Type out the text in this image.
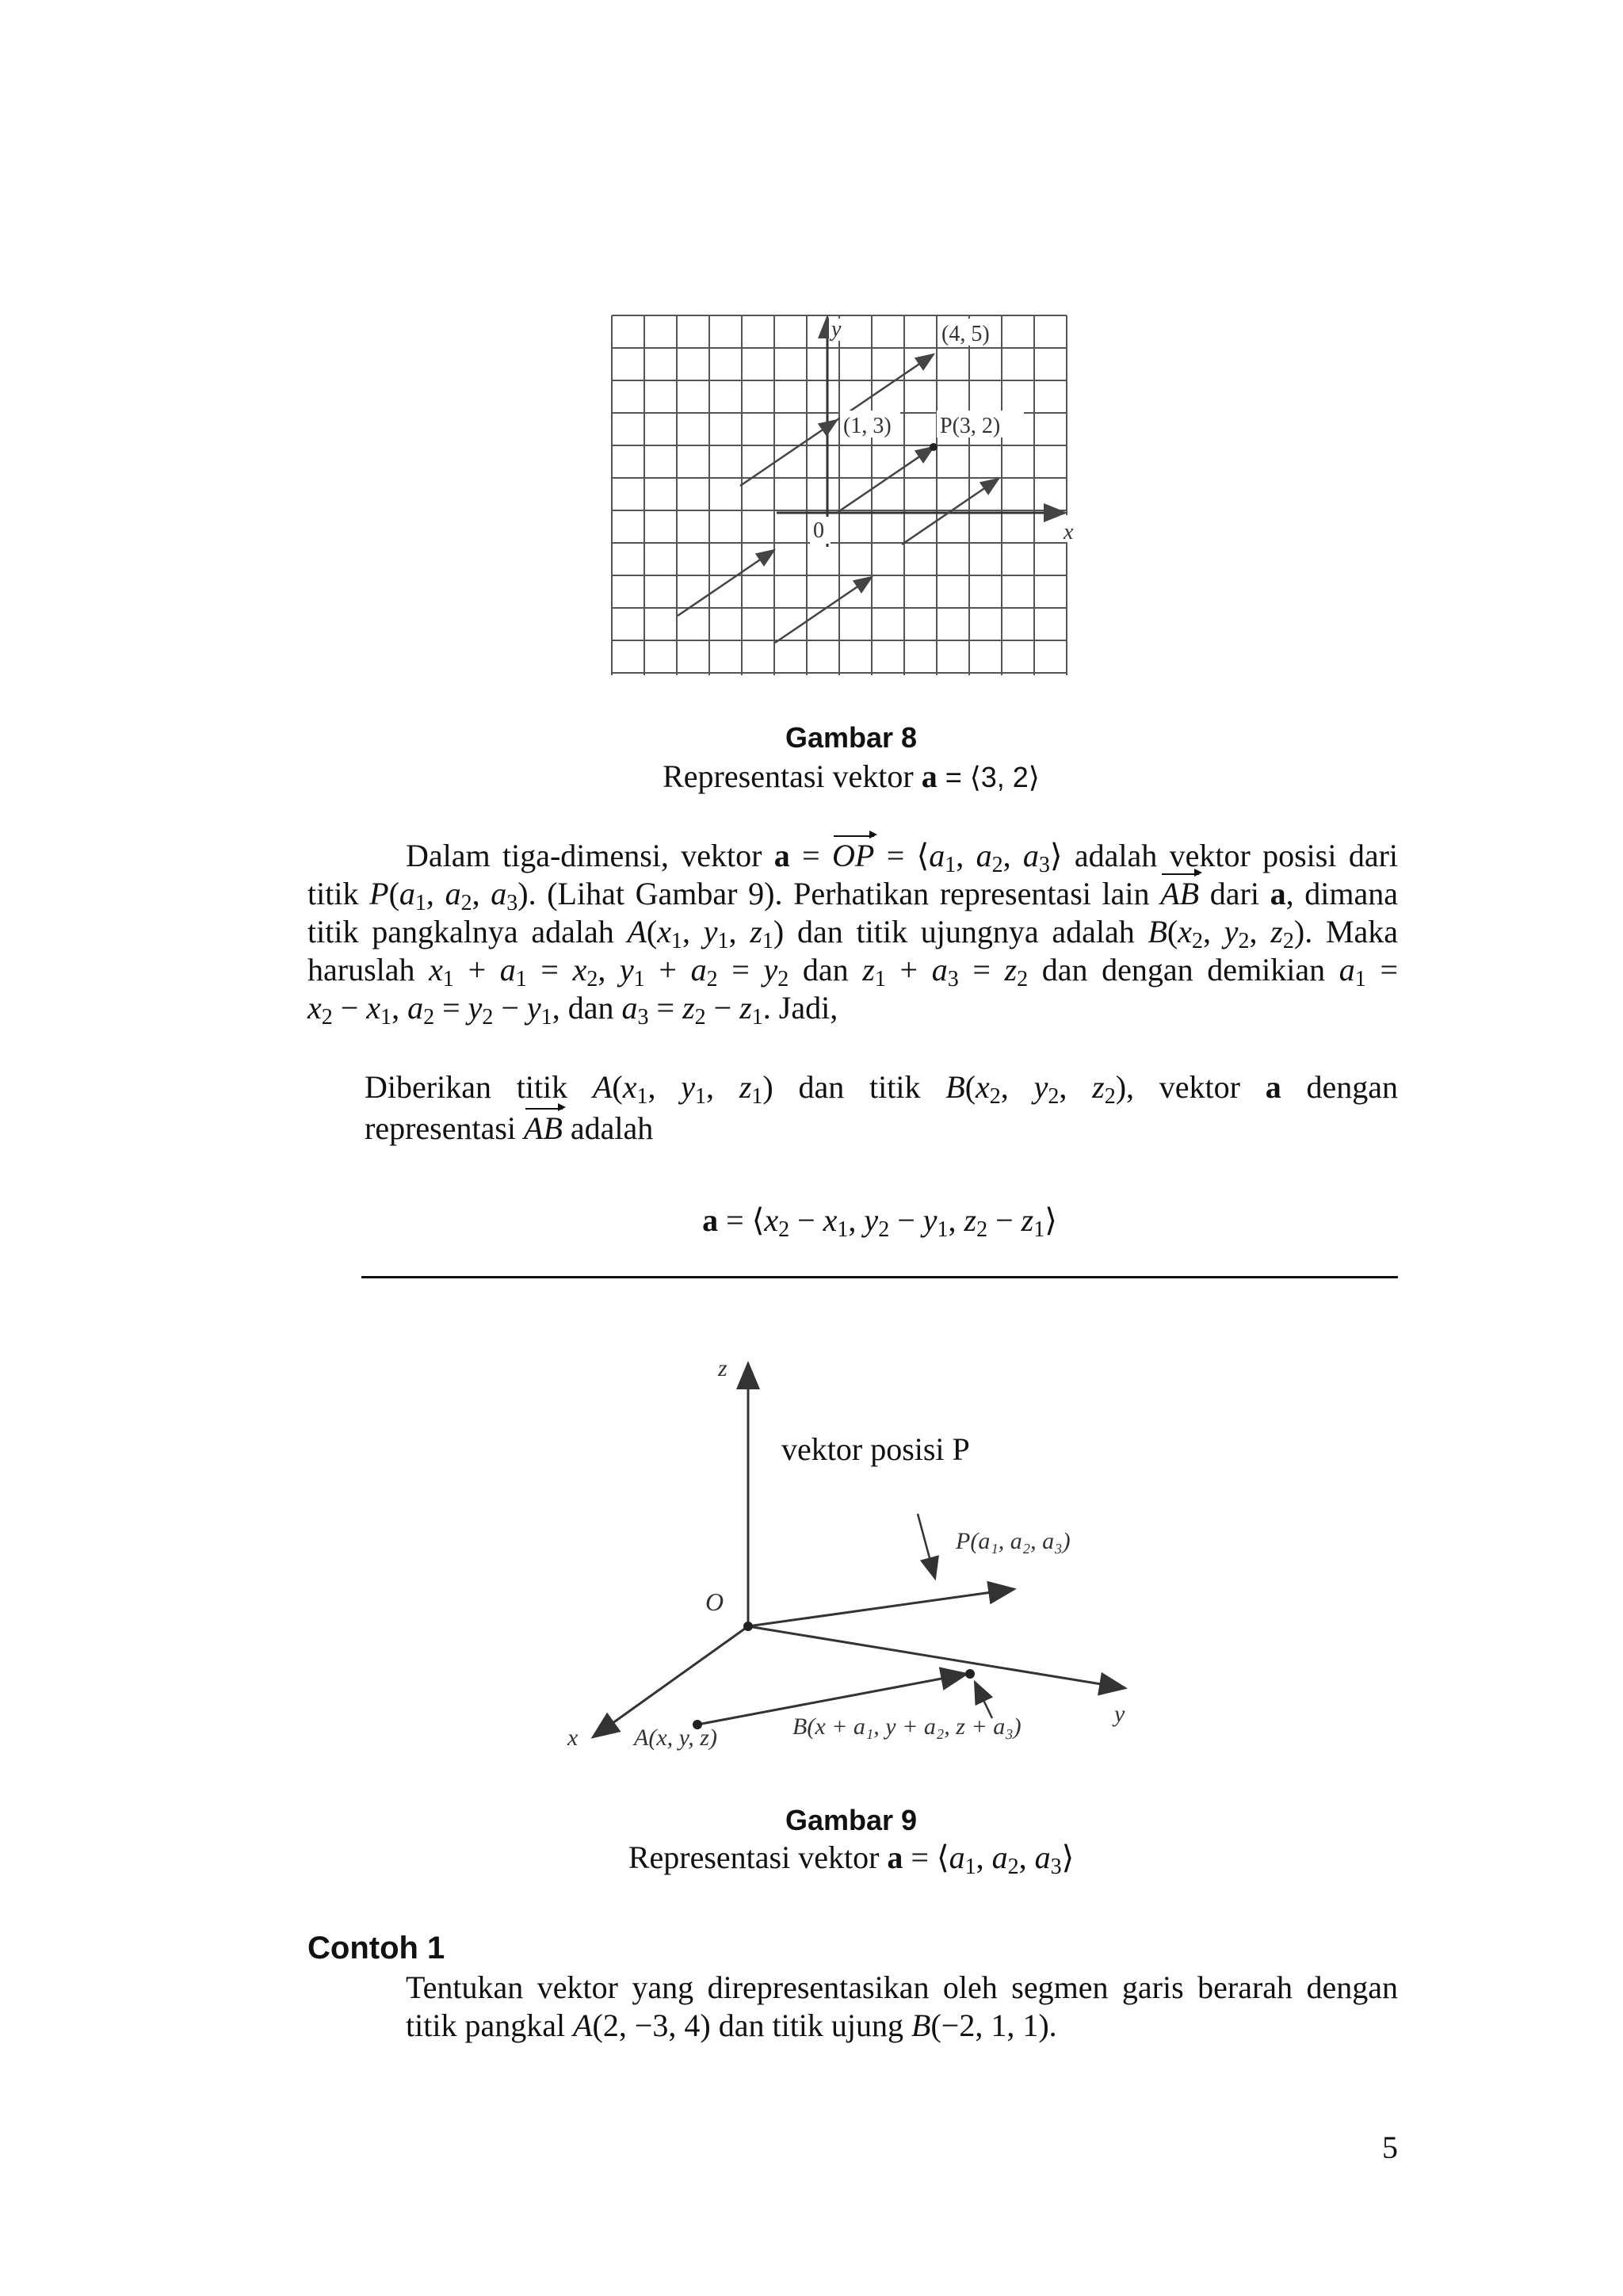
y	(4, 5)
(1, 3) P(3, 2)
0	x
Gambar 8
Representasi vektor a = ⟨3, 2⟩
Dalam tiga-dimensi, vektor a = OP = $⟨a_1$, $a_2$, $a_3⟩$ adalah vektor posisi dari
titik $P(a_1$, $a_2$, $a_3$). (Lihat Gambar 9). Perhatikan representasi lain AB dari a, dimana
titik pangkalnya adalah $A(x_1$, $y_1$, $z_1$) dan titik ujungnya adalah $B(x_2$, $y_2$, $z_2$). Maka
haruslah $x_1 + a_1 = x_2$, $y_1 + a_2 = y_2$ dan $z_1 + a_3 = z_2$ dan dengan demikian $a_1$ =
$x_2 - x_1$, $a_2 = y_2 - y_1$, dan $a_3 = z_2 - z_1$. Jadi,
Diberikan titik $A(x_1$, $y_1$, $z_1$) dan titik $B(x_2$, $y_2$, $z_2$), vektor a dengan
representasi AB adalah
$a = ⟨x_2 - x_1$, $y_2 - y_1$, $z_2$ − $z_1⟩$
z
y
x
O
vektor posisi P
P(a₁, a₂, a₃)
A(x, y, z)	B(x + a₁, y + a₂, z + a₃)
Gambar 9
Representasi vektor $a = ⟨a_1$, $a_2$, $a_3⟩$
Contoh 1
Tentukan vektor yang direpresentasikan oleh segmen garis berarah dengan
titik pangkal A(2, −3, 4) dan titik ujung B(−2, 1, 1).
5
